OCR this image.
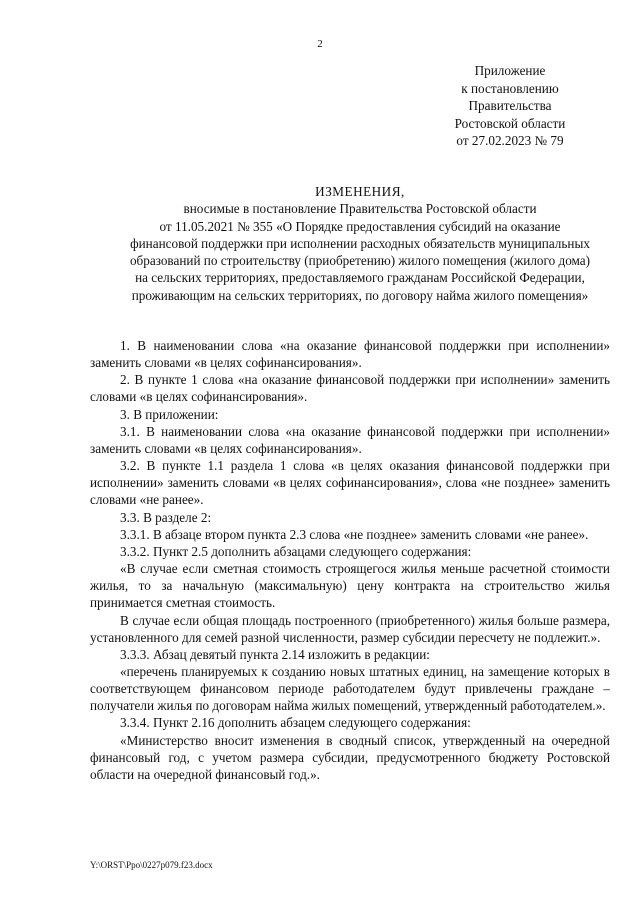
2
Приложение
к постановлению
Правительства
Ростовской области
от 27.02.2023 № 79
ИЗМЕНЕНИЯ,
вносимые в постановление Правительства Ростовской области
от 11.05.2021 № 355 «О Порядке предоставления субсидий на оказание
финансовой поддержки при исполнении расходных обязательств муниципальных
образований по строительству (приобретению) жилого помещения (жилого дома)
на сельских территориях, предоставляемого гражданам Российской Федерации,
проживающим на сельских территориях, по договору найма жилого помещения»

1. В наименовании слова «на оказание финансовой поддержки при исполнении» заменить словами «в целях софинансирования».

2. В пункте 1 слова «на оказание финансовой поддержки при исполнении» заменить словами «в целях софинансирования».

3. В приложении:

3.1. В наименовании слова «на оказание финансовой поддержки при исполнении» заменить словами «в целях софинансирования».

3.2. В пункте 1.1 раздела 1 слова «в целях оказания финансовой поддержки при исполнении» заменить словами «в целях софинансирования», слова «не позднее» заменить словами «не ранее».

3.3. В разделе 2:

3.3.1. В абзаце втором пункта 2.3 слова «не позднее» заменить словами «не ранее».

3.3.2. Пункт 2.5 дополнить абзацами следующего содержания:

«В случае если сметная стоимость строящегося жилья меньше расчетной стоимости жилья, то за начальную (максимальную) цену контракта на строительство жилья принимается сметная стоимость.

В случае если общая площадь построенного (приобретенного) жилья больше размера, установленного для семей разной численности, размер субсидии пересчету не подлежит.».

3.3.3. Абзац девятый пункта 2.14 изложить в редакции:

«перечень планируемых к созданию новых штатных единиц, на замещение которых в соответствующем финансовом периоде работодателем будут привлечены граждане – получатели жилья по договорам найма жилых помещений, утвержденный работодателем.».

3.3.4. Пункт 2.16 дополнить абзацем следующего содержания:

«Министерство вносит изменения в сводный список, утвержденный на очередной финансовый год, с учетом размера субсидии, предусмотренного бюджету Ростовской области на очередной финансовый год.».

Y:\ORST\Ppo\0227p079.f23.docx
